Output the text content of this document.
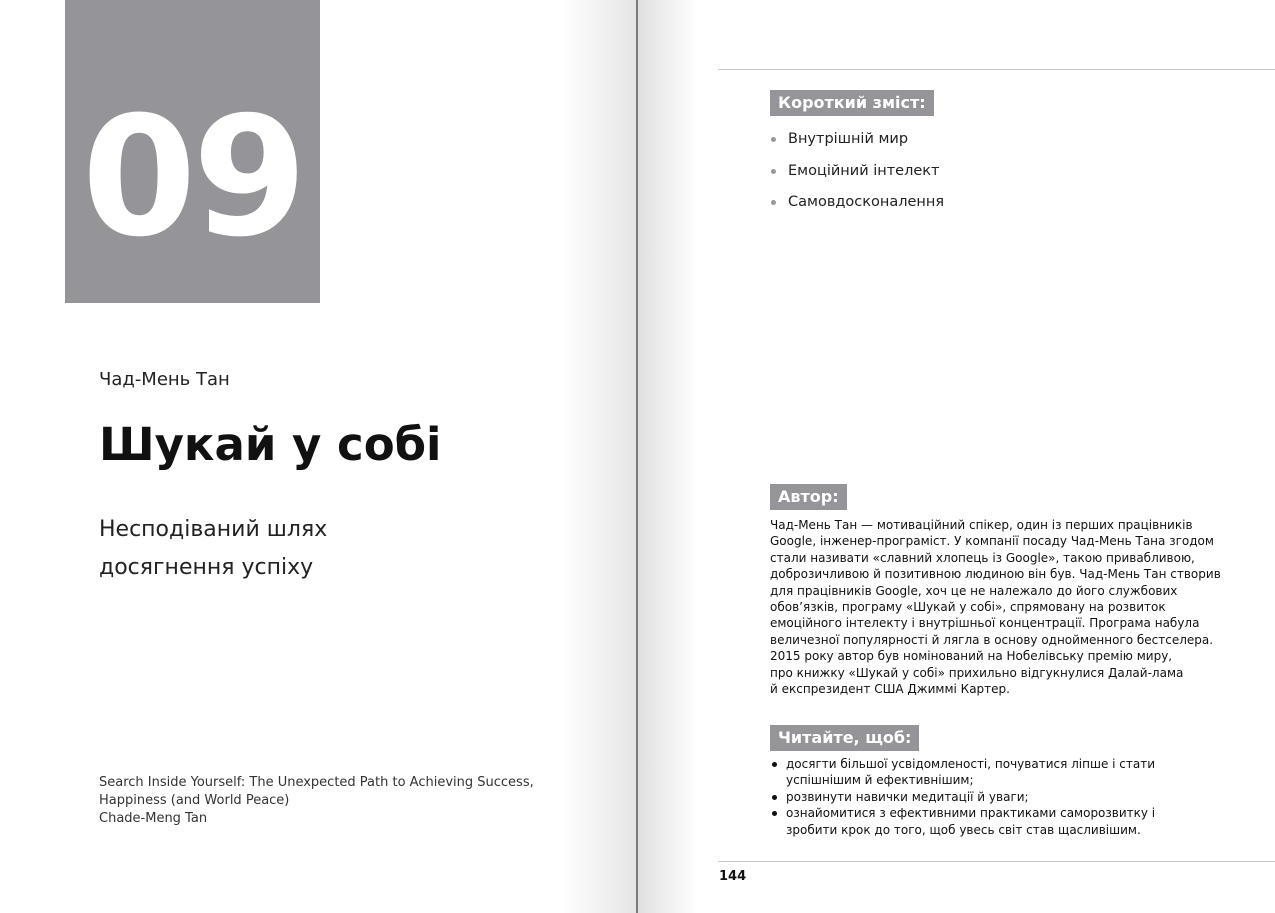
09
Чад-Мень Тан
Шукай у собі
Несподіваний шлях
досягнення успіху
Search Inside Yourself: The Unexpected Path to Achieving Success,
Happiness (and World Peace)
Chade-Meng Tan
Короткий зміст:
Внутрішній мир
Емоційний інтелект
Самовдосконалення
Автор:
Чад-Мень Тан — мотиваційний спікер, один із перших працівників
Google, інженер-програміст. У компанії посаду Чад-Мень Тана згодом
стали називати «славний хлопець із Google», такою привабливою,
доброзичливою й позитивною людиною він був. Чад-Мень Тан створив
для працівників Google, хоч це не належало до його службових
обов’язків, програму «Шукай у собі», спрямовану на розвиток
емоційного інтелекту і внутрішньої концентрації. Програма набула
величезної популярності й лягла в основу однойменного бестселера.
2015 року автор був номінований на Нобелівську премію миру,
про книжку «Шукай у собі» прихильно відгукнулися Далай-лама
й експрезидент США Джиммі Картер.
Читайте, щоб:
досягти більшої усвідомленості, почуватися ліпше і стати успішнішим й ефективнішим;
розвинути навички медитації й уваги;
ознайомитися з ефективними практиками саморозвитку і зробити крок до того, щоб увесь світ став щасливішим.
144
